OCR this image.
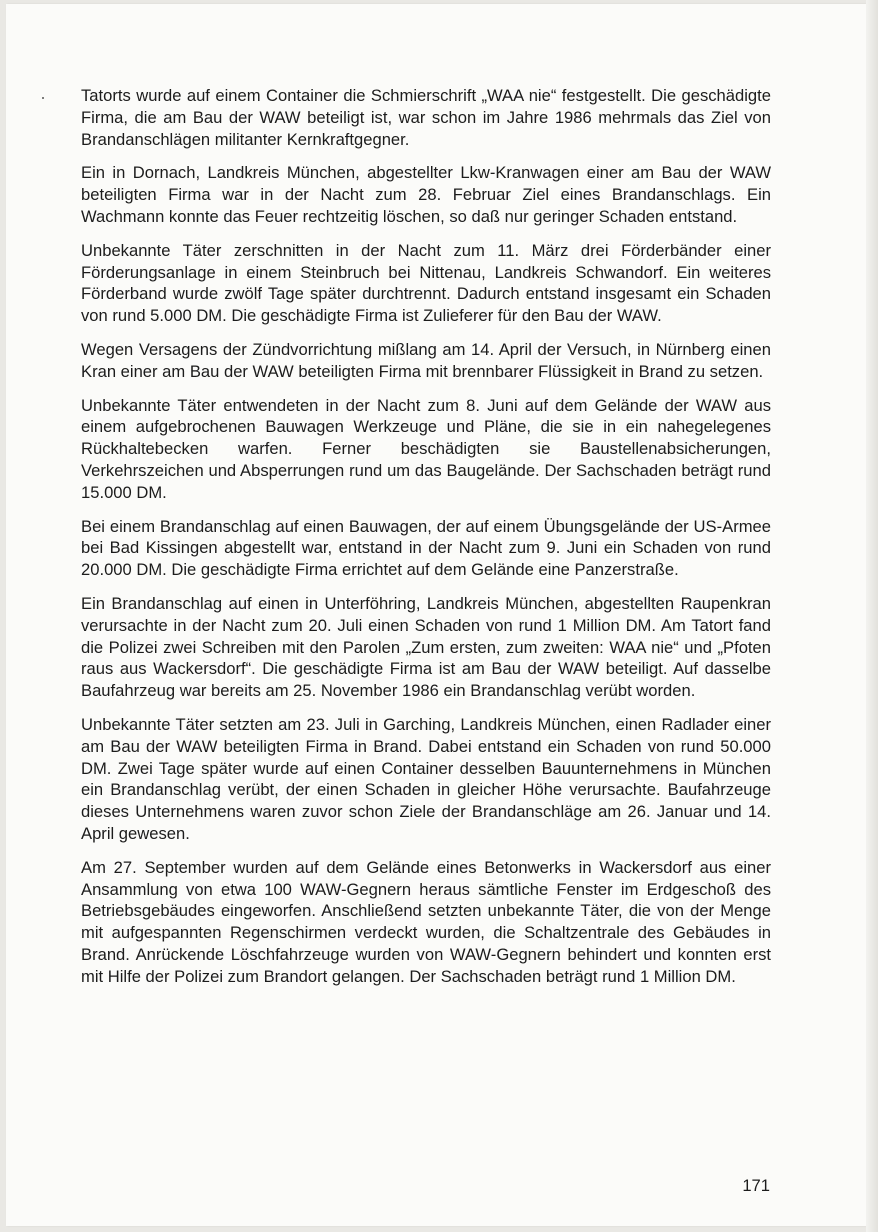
Tatorts wurde auf einem Container die Schmierschrift „WAA nie“ festgestellt. Die geschädigte Firma, die am Bau der WAW beteiligt ist, war schon im Jahre 1986 mehrmals das Ziel von Brandanschlägen militanter Kernkraftgegner.

Ein in Dornach, Landkreis München, abgestellter Lkw-Kranwagen einer am Bau der WAW beteiligten Firma war in der Nacht zum 28. Februar Ziel eines Brandanschlags. Ein Wachmann konnte das Feuer rechtzeitig löschen, so daß nur geringer Schaden entstand.

Unbekannte Täter zerschnitten in der Nacht zum 11. März drei Förderbänder einer Förderungsanlage in einem Steinbruch bei Nittenau, Landkreis Schwandorf. Ein weiteres Förderband wurde zwölf Tage später durchtrennt. Dadurch entstand insgesamt ein Schaden von rund 5.000 DM. Die geschädigte Firma ist Zulieferer für den Bau der WAW.

Wegen Versagens der Zündvorrichtung mißlang am 14. April der Versuch, in Nürnberg einen Kran einer am Bau der WAW beteiligten Firma mit brennbarer Flüssigkeit in Brand zu setzen.

Unbekannte Täter entwendeten in der Nacht zum 8. Juni auf dem Gelände der WAW aus einem aufgebrochenen Bauwagen Werkzeuge und Pläne, die sie in ein nahegelegenes Rückhaltebecken warfen. Ferner beschädigten sie Baustellenabsicherungen, Verkehrszeichen und Absperrungen rund um das Baugelände. Der Sachschaden beträgt rund 15.000 DM.

Bei einem Brandanschlag auf einen Bauwagen, der auf einem Übungsgelände der US-Armee bei Bad Kissingen abgestellt war, entstand in der Nacht zum 9. Juni ein Schaden von rund 20.000 DM. Die geschädigte Firma errichtet auf dem Gelände eine Panzerstraße.

Ein Brandanschlag auf einen in Unterföhring, Landkreis München, abgestellten Raupenkran verursachte in der Nacht zum 20. Juli einen Schaden von rund 1 Million DM. Am Tatort fand die Polizei zwei Schreiben mit den Parolen „Zum ersten, zum zweiten: WAA nie“ und „Pfoten raus aus Wackersdorf“. Die geschädigte Firma ist am Bau der WAW beteiligt. Auf dasselbe Baufahrzeug war bereits am 25. November 1986 ein Brandanschlag verübt worden.

Unbekannte Täter setzten am 23. Juli in Garching, Landkreis München, einen Radlader einer am Bau der WAW beteiligten Firma in Brand. Dabei entstand ein Schaden von rund 50.000 DM. Zwei Tage später wurde auf einen Container desselben Bauunternehmens in München ein Brandanschlag verübt, der einen Schaden in gleicher Höhe verursachte. Baufahrzeuge dieses Unternehmens waren zuvor schon Ziele der Brandanschläge am 26. Januar und 14. April gewesen.

Am 27. September wurden auf dem Gelände eines Betonwerks in Wackersdorf aus einer Ansammlung von etwa 100 WAW-Gegnern heraus sämtliche Fenster im Erdgeschoß des Betriebsgebäudes eingeworfen. Anschließend setzten unbekannte Täter, die von der Menge mit aufgespannten Regenschirmen verdeckt wurden, die Schaltzentrale des Gebäudes in Brand. Anrückende Löschfahrzeuge wurden von WAW-Gegnern behindert und konnten erst mit Hilfe der Polizei zum Brandort gelangen. Der Sachschaden beträgt rund 1 Million DM.

171
